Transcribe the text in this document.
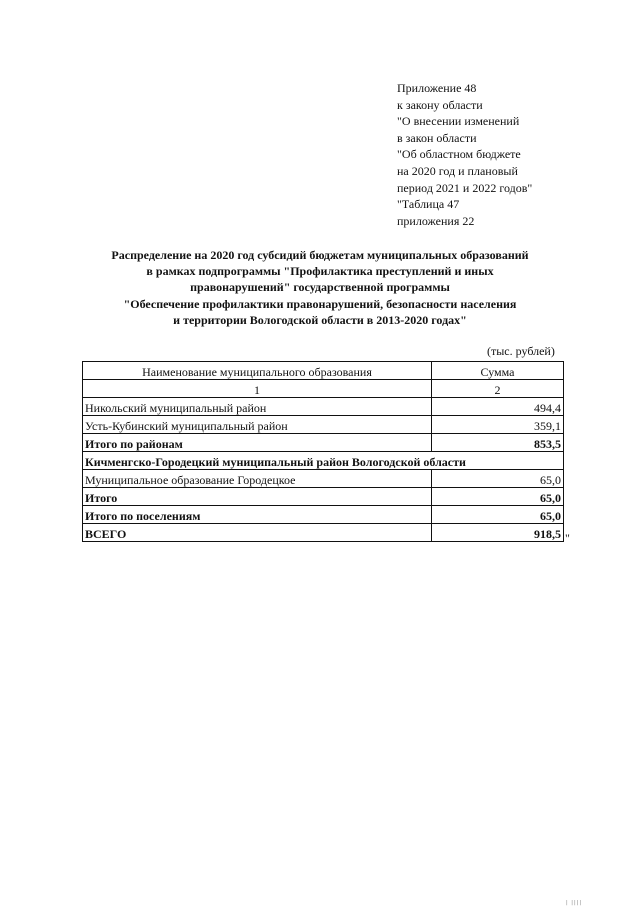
Приложение 48
к закону области
"О внесении изменений
в закон области
"Об областном бюджете
на 2020 год и плановый
период 2021 и 2022 годов"
"Таблица 47
приложения 22
Распределение на 2020 год субсидий бюджетам муниципальных образований
в рамках подпрограммы "Профилактика преступлений и иных
правонарушений" государственной программы
"Обеспечение профилактики правонарушений, безопасности населения
и территории Вологодской области в 2013-2020 годах"
(тыс. рублей)
Наименование муниципального образования	Сумма
1	2
Никольский муниципальный район	494,4
Усть-Кубинский муниципальный район	359,1
Итого по районам	853,5
Кичменгско-Городецкий муниципальный район Вологодской области	
Муниципальное образование Городецкое	65,0
Итого	65,0
Итого по поселениям	65,0
ВСЕГО	918,5 "
| ||||
